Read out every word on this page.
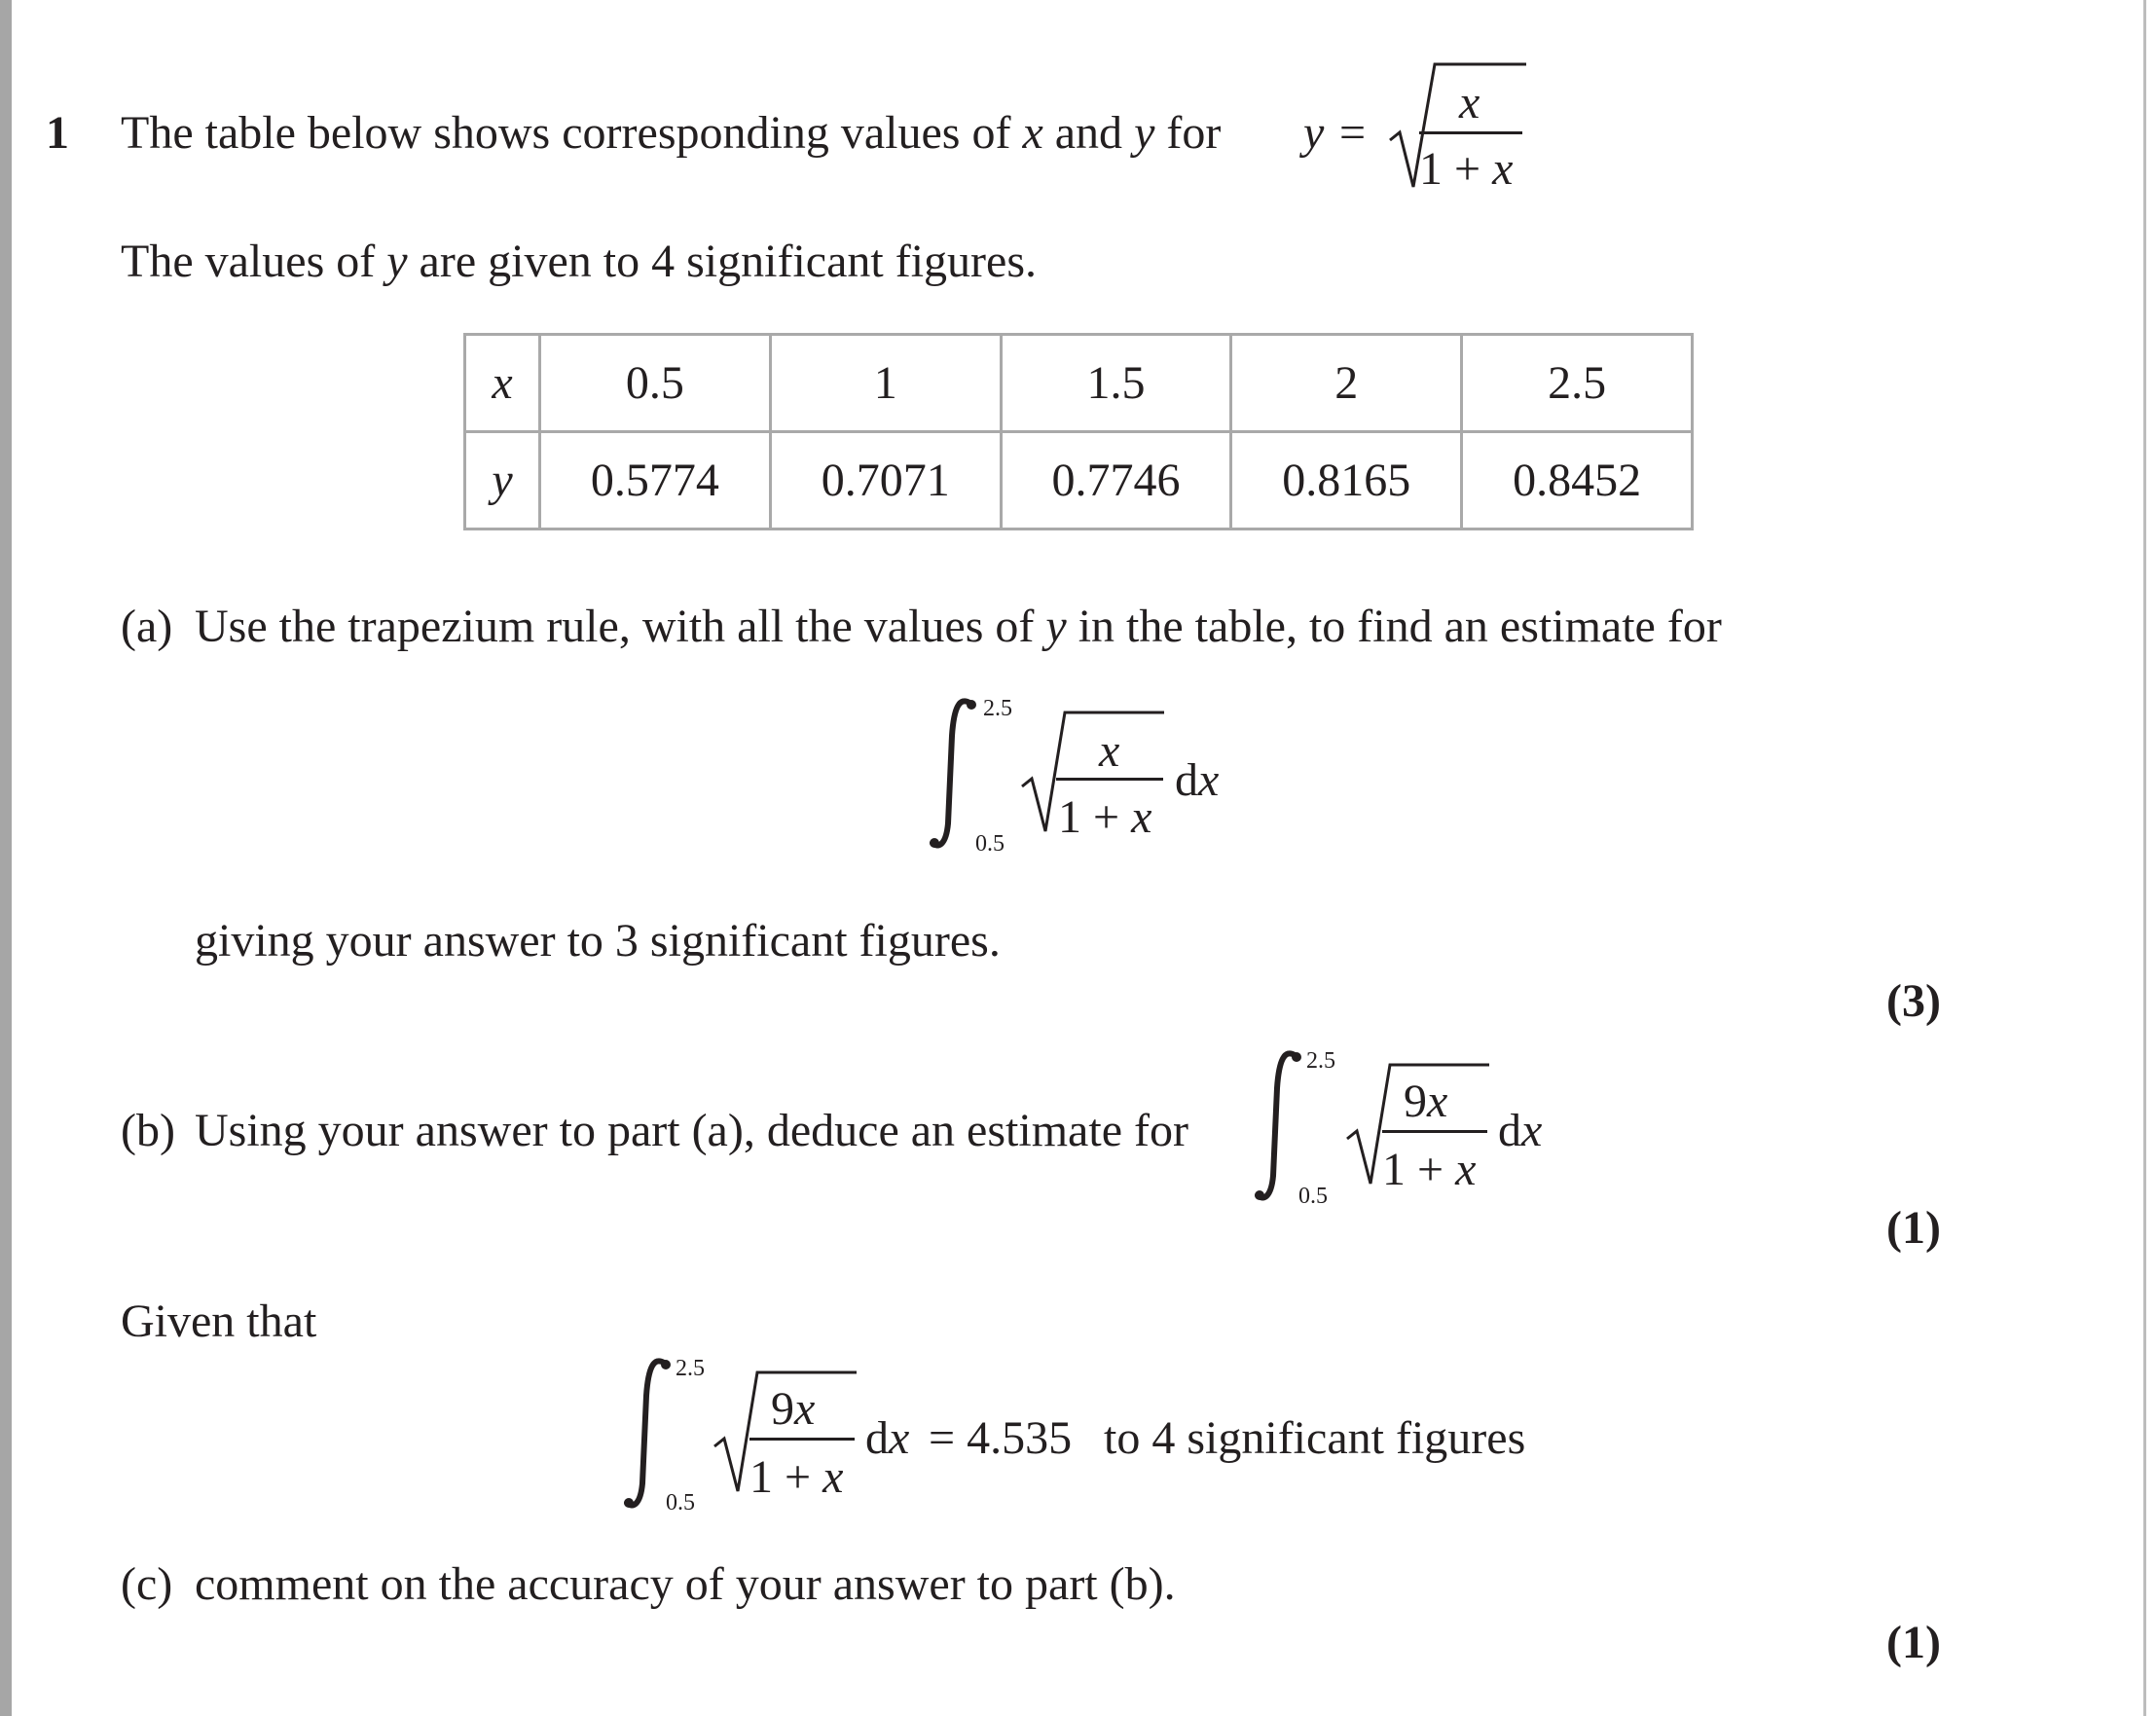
1 The table below shows corresponding values of x and y for y =
x
1 + x
The values of y are given to 4 significant figures.
x	0.5	1	1.5	2	2.5
y	0.5774	0.7071	0.7746	0.8165	0.8452
(a) Use the trapezium rule, with all the values of y in the table, to find an estimate for
2.5
0.5
x
1 + x
dx
giving your answer to 3 significant figures.
(3)
(b) Using your answer to part (a), deduce an estimate for
2.5
0.5
9x
1 + x
dx
(1)
Given that
2.5
0.5
9x
1 + x
dx = 4.535 to 4 significant figures
(c) comment on the accuracy of your answer to part (b).
(1)
